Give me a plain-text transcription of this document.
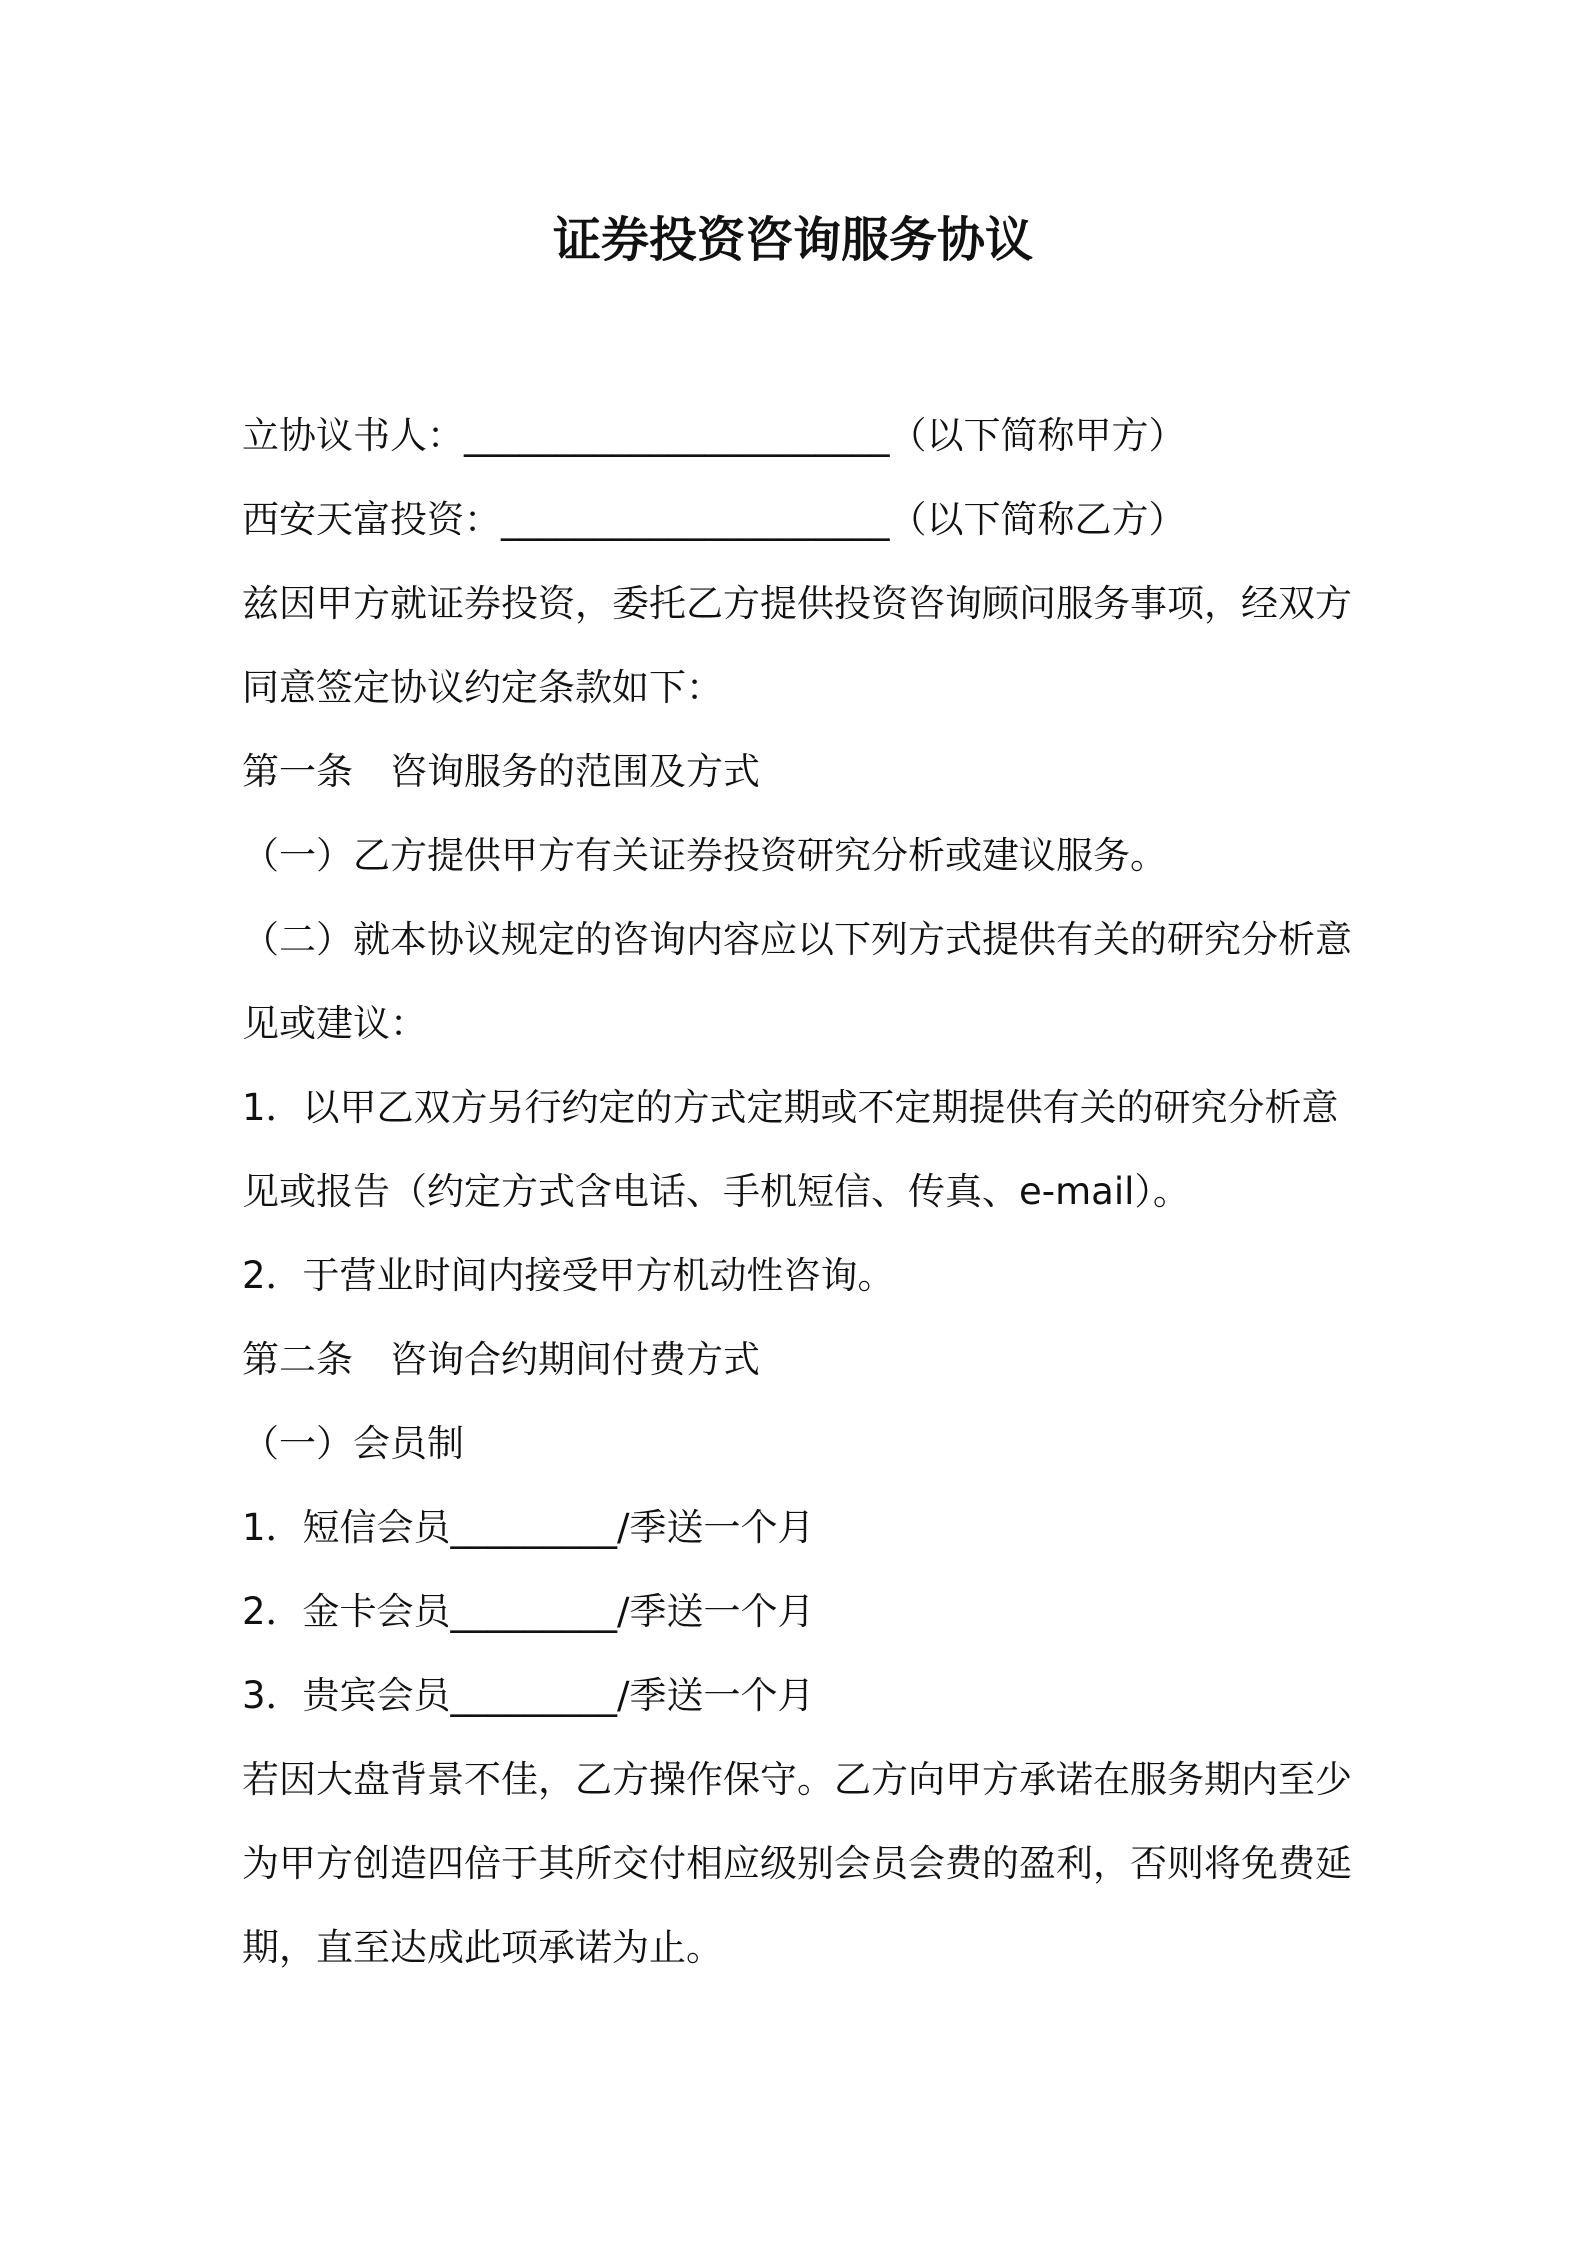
证券投资咨询服务协议
立协议书人：_______________________（以下简称甲方）
西安天富投资：_____________________（以下简称乙方）
兹因甲方就证券投资，委托乙方提供投资咨询顾问服务事项，经双方
同意签定协议约定条款如下：
第一条　咨询服务的范围及方式
（一）乙方提供甲方有关证券投资研究分析或建议服务。
（二）就本协议规定的咨询内容应以下列方式提供有关的研究分析意
见或建议：
1．以甲乙双方另行约定的方式定期或不定期提供有关的研究分析意
见或报告（约定方式含电话、手机短信、传真、e-mail）。
2．于营业时间内接受甲方机动性咨询。
第二条　咨询合约期间付费方式
（一）会员制
1．短信会员_________/季送一个月
2．金卡会员_________/季送一个月
3．贵宾会员_________/季送一个月
若因大盘背景不佳，乙方操作保守。乙方向甲方承诺在服务期内至少
为甲方创造四倍于其所交付相应级别会员会费的盈利，否则将免费延
期，直至达成此项承诺为止。
